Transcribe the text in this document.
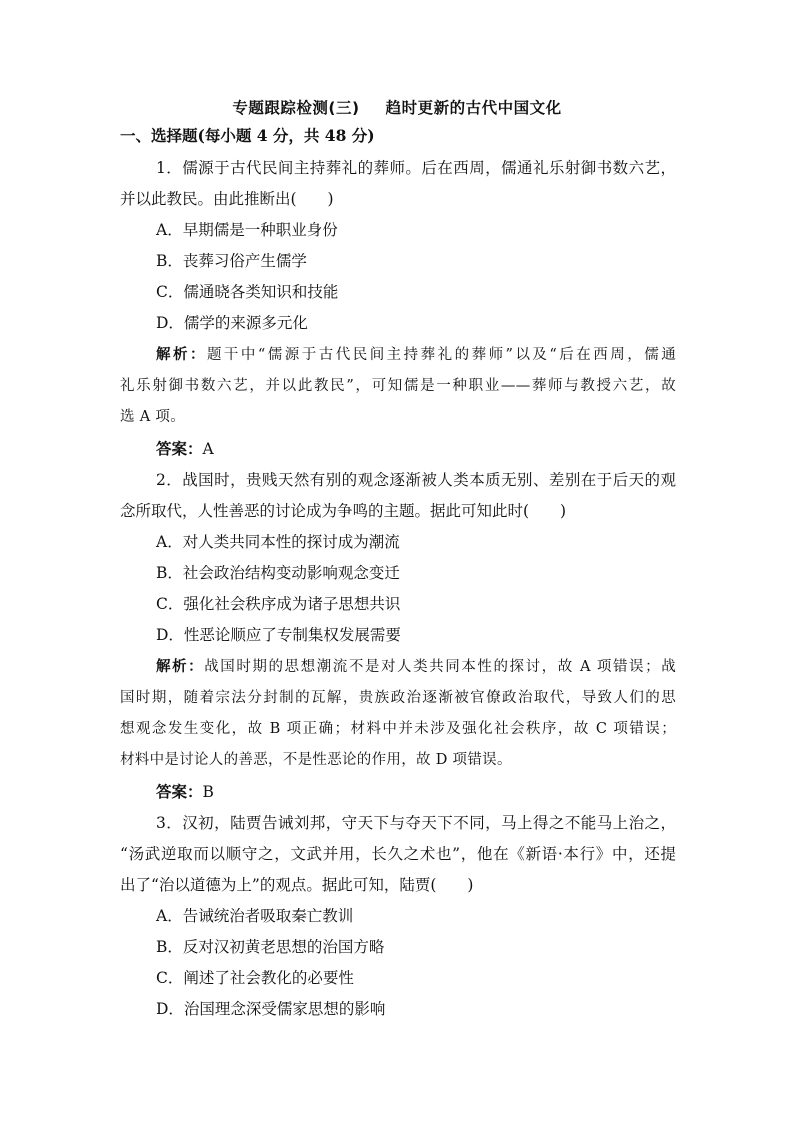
专题跟踪检测(三) 趋时更新的古代中国文化
一、选择题(每小题 4 分，共 48 分)
1．儒源于古代民间主持葬礼的葬师。后在西周，儒通礼乐射御书数六艺，
并以此教民。由此推断出(　　)
A．早期儒是一种职业身份
B．丧葬习俗产生儒学
C．儒通晓各类知识和技能
D．儒学的来源多元化
解析：题干中“儒源于古代民间主持葬礼的葬师”以及“后在西周，儒通
礼乐射御书数六艺，并以此教民”，可知儒是一种职业——葬师与教授六艺，故
选 A 项。
答案：A
2．战国时，贵贱天然有别的观念逐渐被人类本质无别、差别在于后天的观
念所取代，人性善恶的讨论成为争鸣的主题。据此可知此时(　　)
A．对人类共同本性的探讨成为潮流
B．社会政治结构变动影响观念变迁
C．强化社会秩序成为诸子思想共识
D．性恶论顺应了专制集权发展需要
解析：战国时期的思想潮流不是对人类共同本性的探讨，故 A 项错误；战
国时期，随着宗法分封制的瓦解，贵族政治逐渐被官僚政治取代，导致人们的思
想观念发生变化，故 B 项正确；材料中并未涉及强化社会秩序，故 C 项错误；
材料中是讨论人的善恶，不是性恶论的作用，故 D 项错误。
答案：B
3．汉初，陆贾告诫刘邦，守天下与夺天下不同，马上得之不能马上治之，
“汤武逆取而以顺守之，文武并用，长久之术也”，他在《新语·本行》中，还提
出了“治以道德为上”的观点。据此可知，陆贾(　　)
A．告诫统治者吸取秦亡教训
B．反对汉初黄老思想的治国方略
C．阐述了社会教化的必要性
D．治国理念深受儒家思想的影响
